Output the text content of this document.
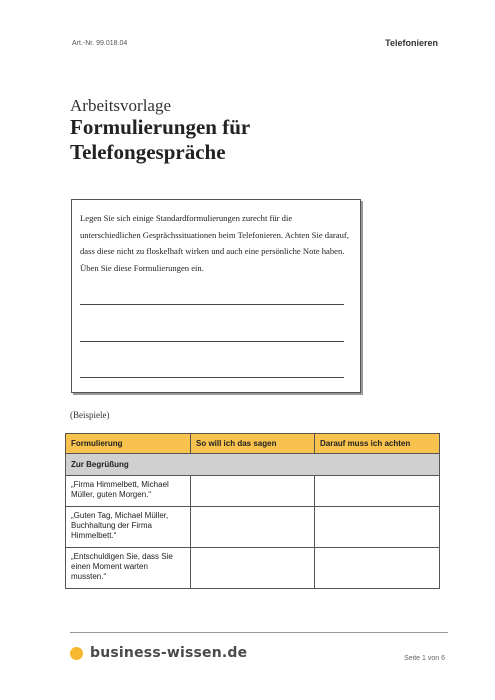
Art.-Nr. 99.018.04	Telefonieren
Arbeitsvorlage
Formulierungen für
Telefongespräche
Legen Sie sich einige Standardformulierungen zurecht für die unterschiedlichen Gesprächssituationen beim Telefonieren. Achten Sie darauf, dass diese nicht zu floskelhaft wirken und auch eine persönliche Note haben. Üben Sie diese Formulierungen ein.
(Beispiele)
Formulierung	So will ich das sagen	Darauf muss ich achten
Zur Begrüßung		
„Firma Himmelbett, Michael Müller, guten Morgen.“		
„Guten Tag, Michael Müller, Buchhaltung der Firma Himmelbett.“		
„Entschuldigen Sie, dass Sie einen Moment warten mussten.“		
business-wissen.de	Seite 1 von 6
